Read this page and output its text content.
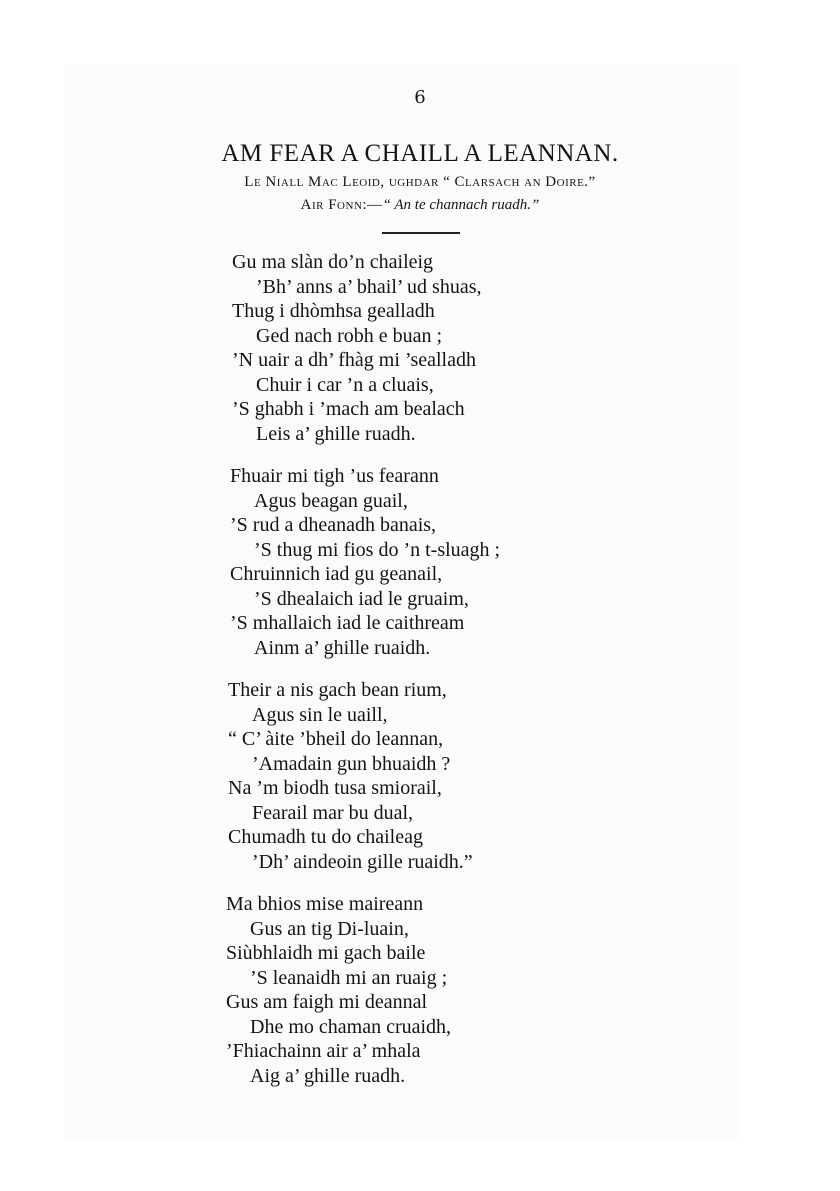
6
AM FEAR A CHAILL A LEANNAN.
Le Niall Mac Leoid, ughdar “ Clarsach an Doire.”
Air Fonn:—“ An te channach ruadh.”
Gu ma slàn do’n chaileig
’Bh’ anns a’ bhail’ ud shuas,
Thug i dhòmhsa gealladh
Ged nach robh e buan ;
’N uair a dh’ fhàg mi ’sealladh
Chuir i car ’n a cluais,
’S ghabh i ’mach am bealach
Leis a’ ghille ruadh.
Fhuair mi tigh ’us fearann
Agus beagan guail,
’S rud a dheanadh banais,
’S thug mi fios do ’n t-sluagh ;
Chruinnich iad gu geanail,
’S dhealaich iad le gruaim,
’S mhallaich iad le caithream
Ainm a’ ghille ruaidh.
Their a nis gach bean rium,
Agus sin le uaill,
“ C’ àite ’bheil do leannan,
’Amadain gun bhuaidh ?
Na ’m biodh tusa smiorail,
Fearail mar bu dual,
Chumadh tu do chaileag
’Dh’ aindeoin gille ruaidh.”
Ma bhios mise maireann
Gus an tig Di-luain,
Siùbhlaidh mi gach baile
’S leanaidh mi an ruaig ;
Gus am faigh mi deannal
Dhe mo chaman cruaidh,
’Fhiachainn air a’ mhala
Aig a’ ghille ruadh.
